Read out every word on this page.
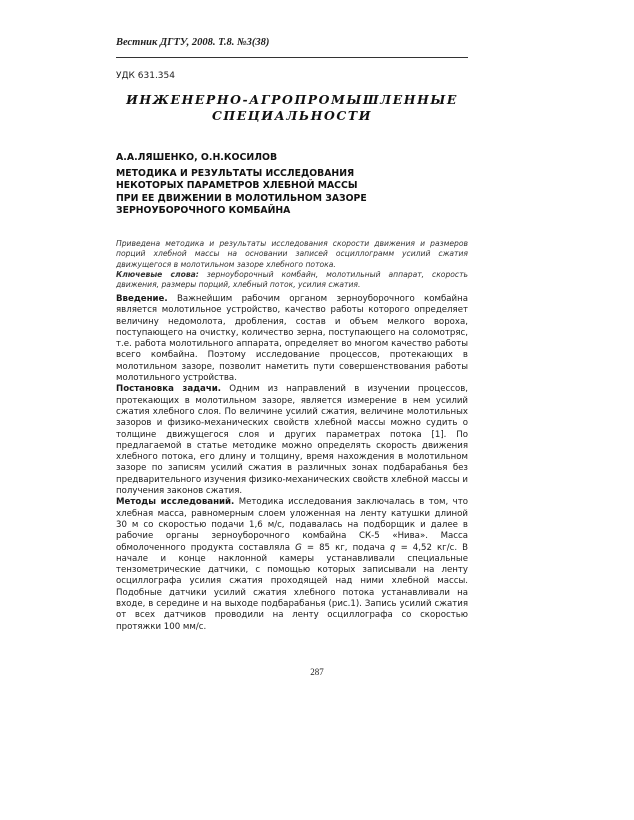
Вестник ДГТУ, 2008. Т.8. №3(38)
УДК 631.354
ИНЖЕНЕРНО-АГРОПРОМЫШЛЕННЫЕ
СПЕЦИАЛЬНОСТИ
А.А.ЛЯШЕНКО, О.Н.КОСИЛОВ
МЕТОДИКА И РЕЗУЛЬТАТЫ ИССЛЕДОВАНИЯ
НЕКОТОРЫХ ПАРАМЕТРОВ ХЛЕБНОЙ МАССЫ
ПРИ ЕЕ ДВИЖЕНИИ В МОЛОТИЛЬНОМ ЗАЗОРЕ
ЗЕРНОУБОРОЧНОГО КОМБАЙНА
Приведена методика и результаты исследования скорости движения и размеров порций хлебной массы на основании записей осциллограмм усилий сжатия движущегося в молотильном зазоре хлебного потока.
Ключевые слова: зерноуборочный комбайн, молотильный аппарат, скорость движения, размеры порций, хлебный поток, усилия сжатия.

Введение. Важнейшим рабочим органом зерноуборочного комбайна является молотильное устройство, качество работы которого определяет величину недомолота, дробления, состав и объем мелкого вороха, поступающего на очистку, количество зерна, поступающего на соломотряс, т.е. работа молотильного аппарата, определяет во многом качество работы всего комбайна. Поэтому исследование процессов, протекающих в молотильном зазоре, позволит наметить пути совершенствования работы молотильного устройства.

Постановка задачи. Одним из направлений в изучении процессов, протекающих в молотильном зазоре, является измерение в нем усилий сжатия хлебного слоя. По величине усилий сжатия, величине молотильных зазоров и физико-механических свойств хлебной массы можно судить о толщине движущегося слоя и других параметрах потока [1]. По предлагаемой в статье методике можно определять скорость движения хлебного потока, его длину и толщину, время нахождения в молотильном зазоре по записям усилий сжатия в различных зонах подбарабанья без предварительного изучения физико-механических свойств хлебной массы и получения законов сжатия.

Методы исследований. Методика исследования заключалась в том, что хлебная масса, равномерным слоем уложенная на ленту катушки длиной 30 м со скоростью подачи 1,6 м/с, подавалась на подборщик и далее в рабочие органы зерноуборочного комбайна СК-5 «Нива». Масса обмолоченного продукта составляла G = 85 кг, подача q = 4,52 кг/с. В начале и конце наклонной камеры устанавливали специальные тензометрические датчики, с помощью которых записывали на ленту осциллографа усилия сжатия проходящей над ними хлебной массы. Подобные датчики усилий сжатия хлебного потока устанавливали на входе, в середине и на выходе подбарабанья (рис.1). Запись усилий сжатия от всех датчиков проводили на ленту осциллографа со скоростью протяжки 100 мм/с.

287
